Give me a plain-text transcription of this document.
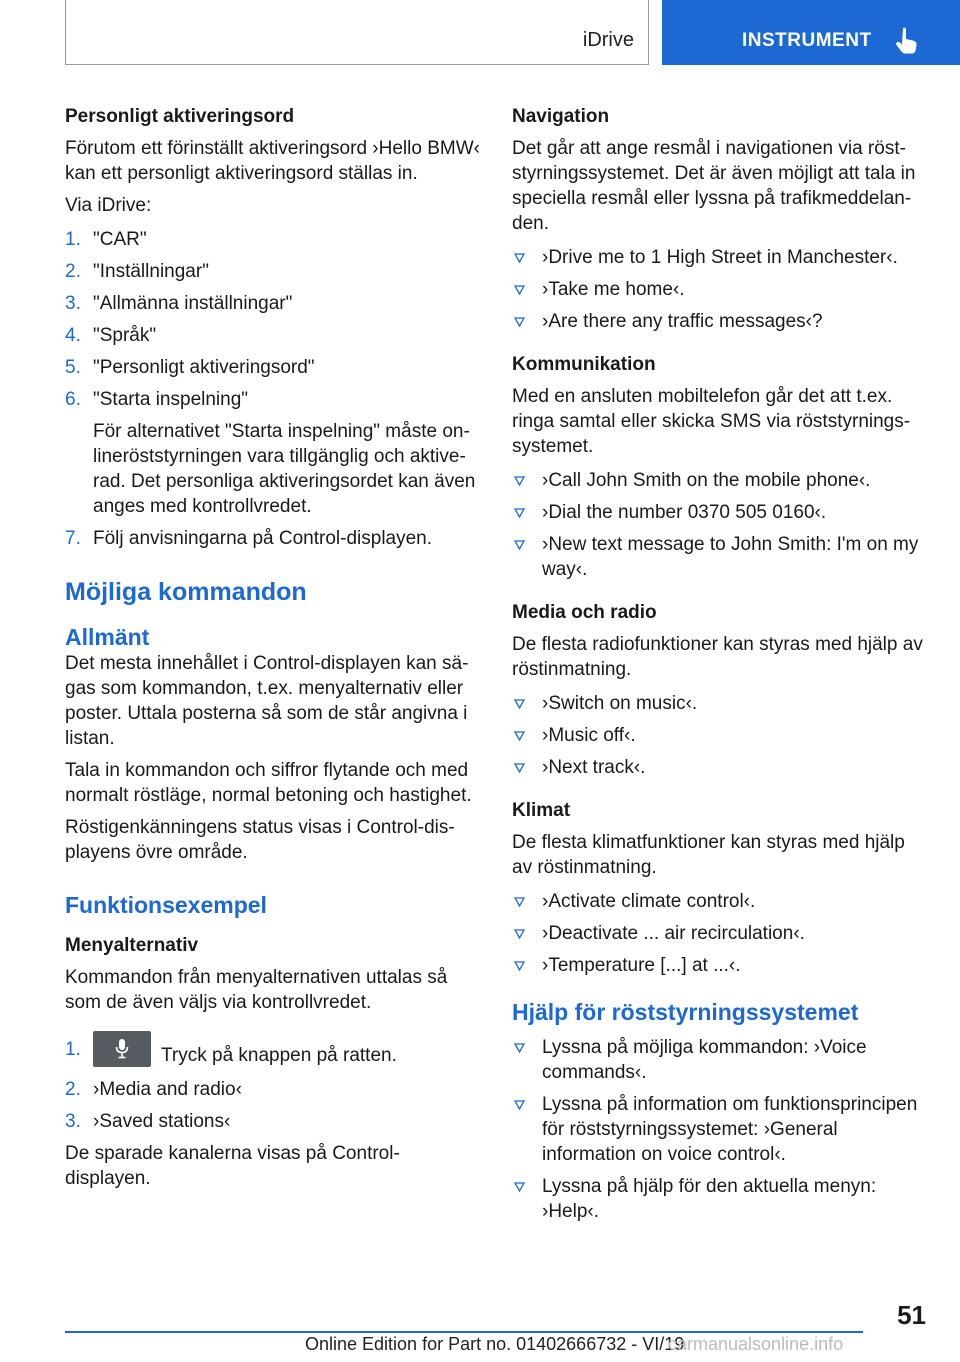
iDrive	INSTRUMENT
Personligt aktiveringsord

Förutom ett förinställt aktiveringsord ›Hello BMW‹ kan ett personligt aktiveringsord ställas in.

Via iDrive:

1. "CAR"
2. "Inställningar"
3. "Allmänna inställningar"
4. "Språk"
5. "Personligt aktiveringsord"
6. "Starta inspelning"
För alternativet "Starta inspelning" måste on-lineröststyrningen vara tillgänglig och aktive-rad. Det personliga aktiveringsordet kan även anges med kontrollvredet.
7. Följ anvisningarna på Control-displayen.
Möjliga kommandon
Allmänt

Det mesta innehållet i Control-displayen kan sä-gas som kommandon, t.ex. menyalternativ eller poster. Uttala posterna så som de står angivna i listan.

Tala in kommandon och siffror flytande och med normalt röstläge, normal betoning och hastighet.

Röstigenkänningens status visas i Control-dis-playens övre område.

Funktionsexempel
Menyalternativ

Kommandon från menyalternativen uttalas så som de även väljs via kontrollvredet.

1.	Tryck på knappen på ratten.
2. ›Media and radio‹
3. ›Saved stations‹

De sparade kanalerna visas på Control-displayen.

Navigation

Det går att ange resmål i navigationen via röst-styrningssystemet. Det är även möjligt att tala in speciella resmål eller lyssna på trafikmeddelan-den.

›Drive me to 1 High Street in Manchester‹.
›Take me home‹.
›Are there any traffic messages‹?
Kommunikation

Med en ansluten mobiltelefon går det att t.ex. ringa samtal eller skicka SMS via röststyrnings-systemet.

›Call John Smith on the mobile phone‹.
›Dial the number 0370 505 0160‹.
›New text message to John Smith: I'm on my way‹.
Media och radio

De flesta radiofunktioner kan styras med hjälp av röstinmatning.

›Switch on music‹.
›Music off‹.
›Next track‹.
Klimat

De flesta klimatfunktioner kan styras med hjälp av röstinmatning.

›Activate climate control‹.
›Deactivate ... air recirculation‹.
›Temperature [...] at ...‹.
Hjälp för röststyrningssystemet
Lyssna på möjliga kommandon: ›Voice commands‹.
Lyssna på information om funktionsprincipen för röststyrningssystemet: ›General information on voice control‹.
Lyssna på hjälp för den aktuella menyn: ›Help‹.
51
Online Edition for Part no. 01402666732 - VI/19
carmanualsonline.info
